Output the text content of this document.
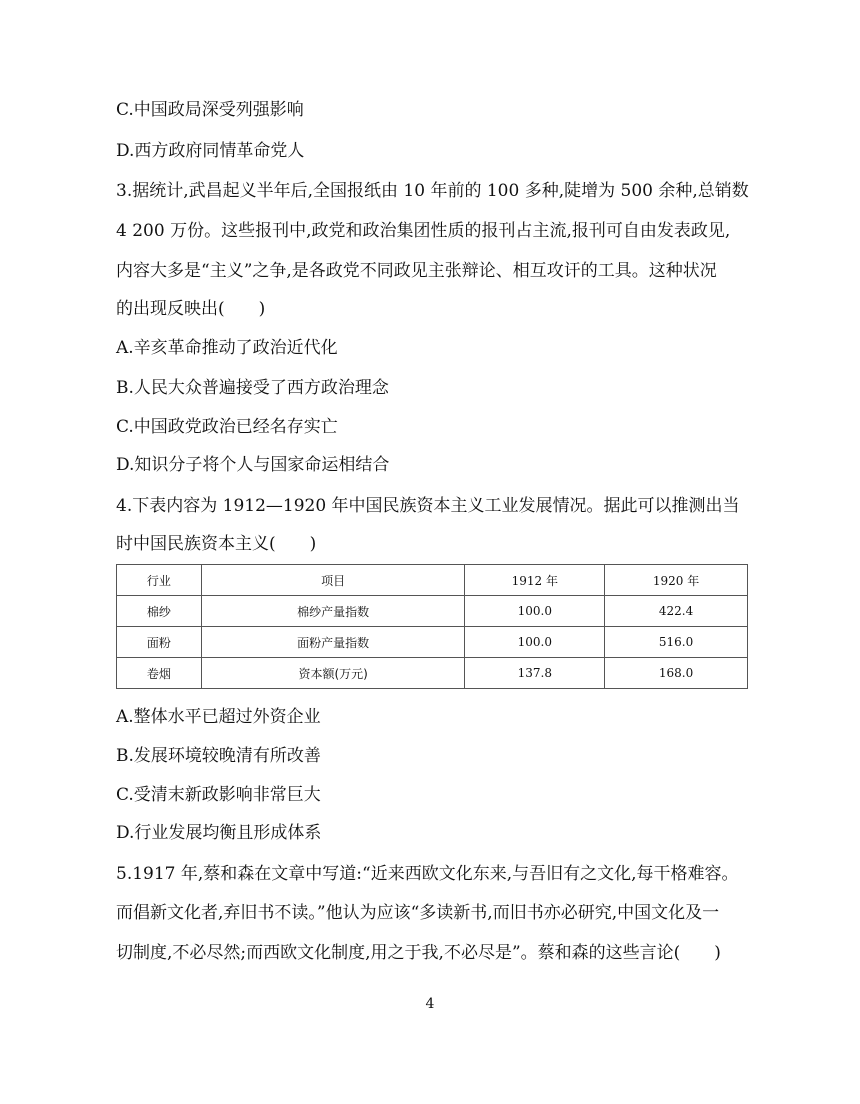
C.中国政局深受列强影响

D.西方政府同情革命党人

3.据统计,武昌起义半年后,全国报纸由 10 年前的 100 多种,陡增为 500 余种,总销数

4 200 万份。这些报刊中,政党和政治集团性质的报刊占主流,报刊可自由发表政见,

内容大多是“主义”之争,是各政党不同政见主张辩论、相互攻讦的工具。这种状况

的出现反映出(　　)

A.辛亥革命推动了政治近代化

B.人民大众普遍接受了西方政治理念

C.中国政党政治已经名存实亡

D.知识分子将个人与国家命运相结合

4.下表内容为 1912—1920 年中国民族资本主义工业发展情况。据此可以推测出当

时中国民族资本主义(　　)

行业	项目	1912 年	1920 年
棉纱	棉纱产量指数	100.0	422.4
面粉	面粉产量指数	100.0	516.0
卷烟	资本额(万元)	137.8	168.0

A.整体水平已超过外资企业

B.发展环境较晚清有所改善

C.受清末新政影响非常巨大

D.行业发展均衡且形成体系

5.1917 年,蔡和森在文章中写道:“近来西欧文化东来,与吾旧有之文化,每干格难容。

而倡新文化者,弃旧书不读。”他认为应该“多读新书,而旧书亦必研究,中国文化及一

切制度,不必尽然;而西欧文化制度,用之于我,不必尽是”。蔡和森的这些言论(　　)

4
